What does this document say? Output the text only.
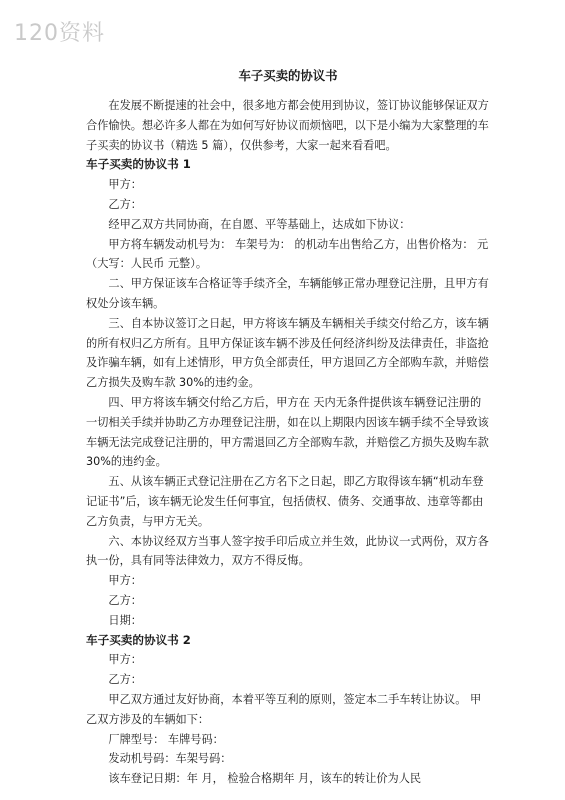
120资料

车子买卖的协议书

在发展不断提速的社会中，很多地方都会使用到协议，签订协议能够保证双方合作愉快。想必许多人都在为如何写好协议而烦恼吧，以下是小编为大家整理的车子买卖的协议书（精选 5 篇），仅供参考，大家一起来看看吧。

车子买卖的协议书 1

甲方：

乙方：

经甲乙双方共同协商，在自愿、平等基础上，达成如下协议：

甲方将车辆发动机号为： 车架号为： 的机动车出售给乙方，出售价格为： 元（大写：人民币 元整）。

二、甲方保证该车合格证等手续齐全，车辆能够正常办理登记注册，且甲方有权处分该车辆。

三、自本协议签订之日起，甲方将该车辆及车辆相关手续交付给乙方，该车辆的所有权归乙方所有。且甲方保证该车辆不涉及任何经济纠纷及法律责任，非盗抢及诈骗车辆，如有上述情形，甲方负全部责任，甲方退回乙方全部购车款，并赔偿乙方损失及购车款 30%的违约金。

四、甲方将该车辆交付给乙方后，甲方在 天内无条件提供该车辆登记注册的一切相关手续并协助乙方办理登记注册，如在以上期限内因该车辆手续不全导致该车辆无法完成登记注册的，甲方需退回乙方全部购车款，并赔偿乙方损失及购车款 30%的违约金。

五、从该车辆正式登记注册在乙方名下之日起，即乙方取得该车辆“机动车登记证书”后，该车辆无论发生任何事宜，包括债权、债务、交通事故、违章等都由乙方负责，与甲方无关。

六、本协议经双方当事人签字按手印后成立并生效，此协议一式两份，双方各执一份，具有同等法律效力，双方不得反悔。

甲方：

乙方：

日期：

车子买卖的协议书 2

甲方：

乙方：

甲乙双方通过友好协商，本着平等互利的原则，签定本二手车转让协议。 甲乙双方涉及的车辆如下：

厂牌型号： 车牌号码：

发动机号码：车架号码：

该车登记日期：年 月， 检验合格期年 月，该车的转让价为人民
